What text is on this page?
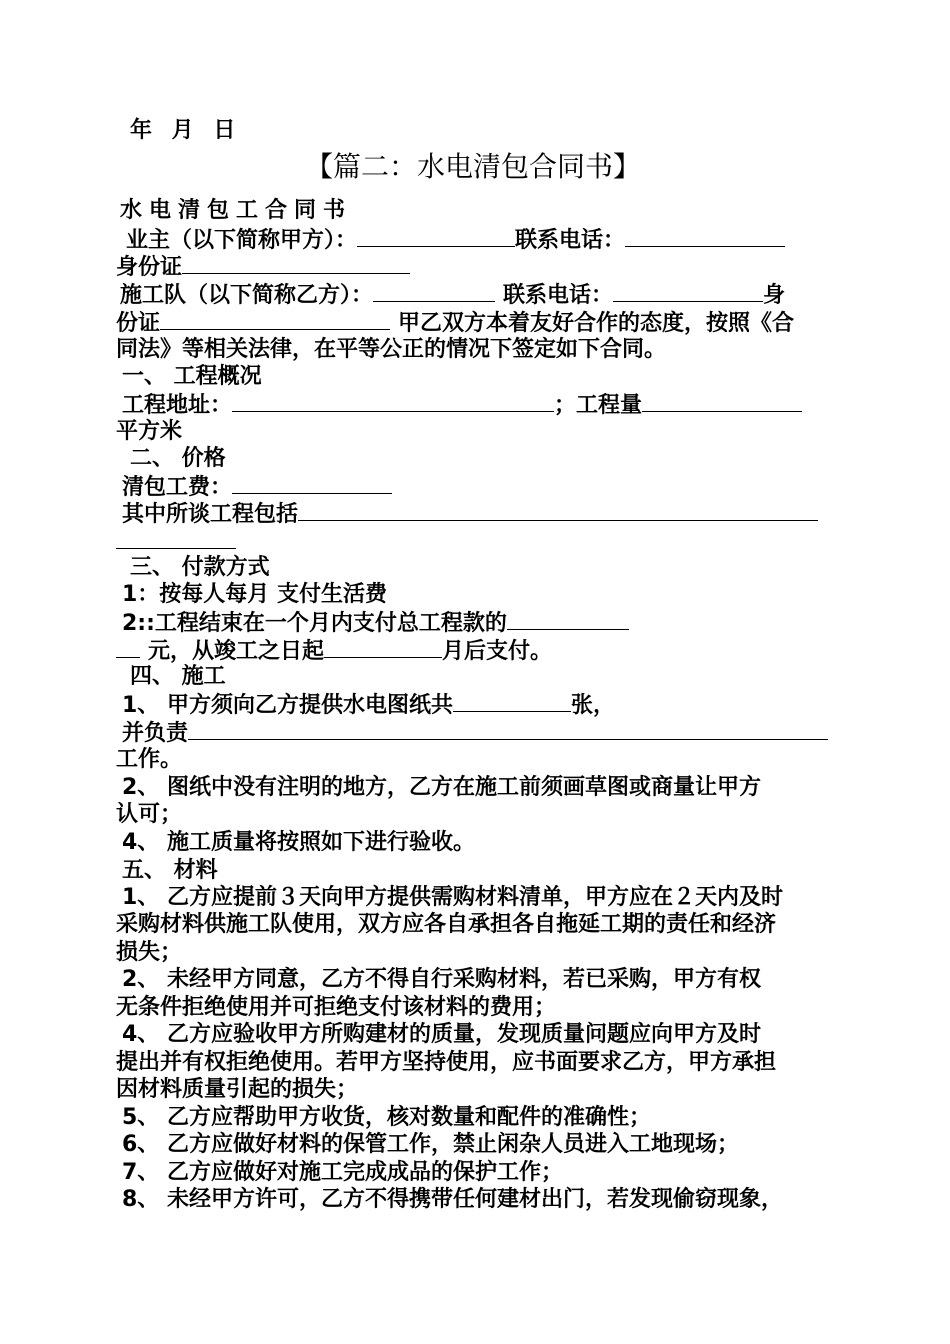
年 月 日
【篇二：水电清包合同书】
水电清包工合同书
业主（以下简称甲方）：	联系电话：
身份证
施工队（以下简称乙方）：	联系电话：	身
份证	甲乙双方本着友好合作的态度，按照《合
同法》等相关法律，在平等公正的情况下签定如下合同。
一、 工程概况
工程地址：	；工程量
平方米
二、 价格
清包工费：
其中所谈工程包括
三、 付款方式
1：按每人每月 支付生活费
2::工程结束在一个月内支付总工程款的
元，从竣工之日起	月后支付。
四、 施工
1、 甲方须向乙方提供水电图纸共	张，
并负责
工作。
2、 图纸中没有注明的地方，乙方在施工前须画草图或商量让甲方
认可；
4、 施工质量将按照如下进行验收。
五、 材料
1、 乙方应提前３天向甲方提供需购材料清单，甲方应在２天内及时
采购材料供施工队使用，双方应各自承担各自拖延工期的责任和经济
损失；
2、 未经甲方同意，乙方不得自行采购材料，若已采购，甲方有权
无条件拒绝使用并可拒绝支付该材料的费用；
4、 乙方应验收甲方所购建材的质量，发现质量问题应向甲方及时
提出并有权拒绝使用。若甲方坚持使用，应书面要求乙方，甲方承担
因材料质量引起的损失；
5、 乙方应帮助甲方收货，核对数量和配件的准确性；
6、 乙方应做好材料的保管工作，禁止闲杂人员进入工地现场；
7、 乙方应做好对施工完成成品的保护工作；
8、 未经甲方许可，乙方不得携带任何建材出门，若发现偷窃现象，
